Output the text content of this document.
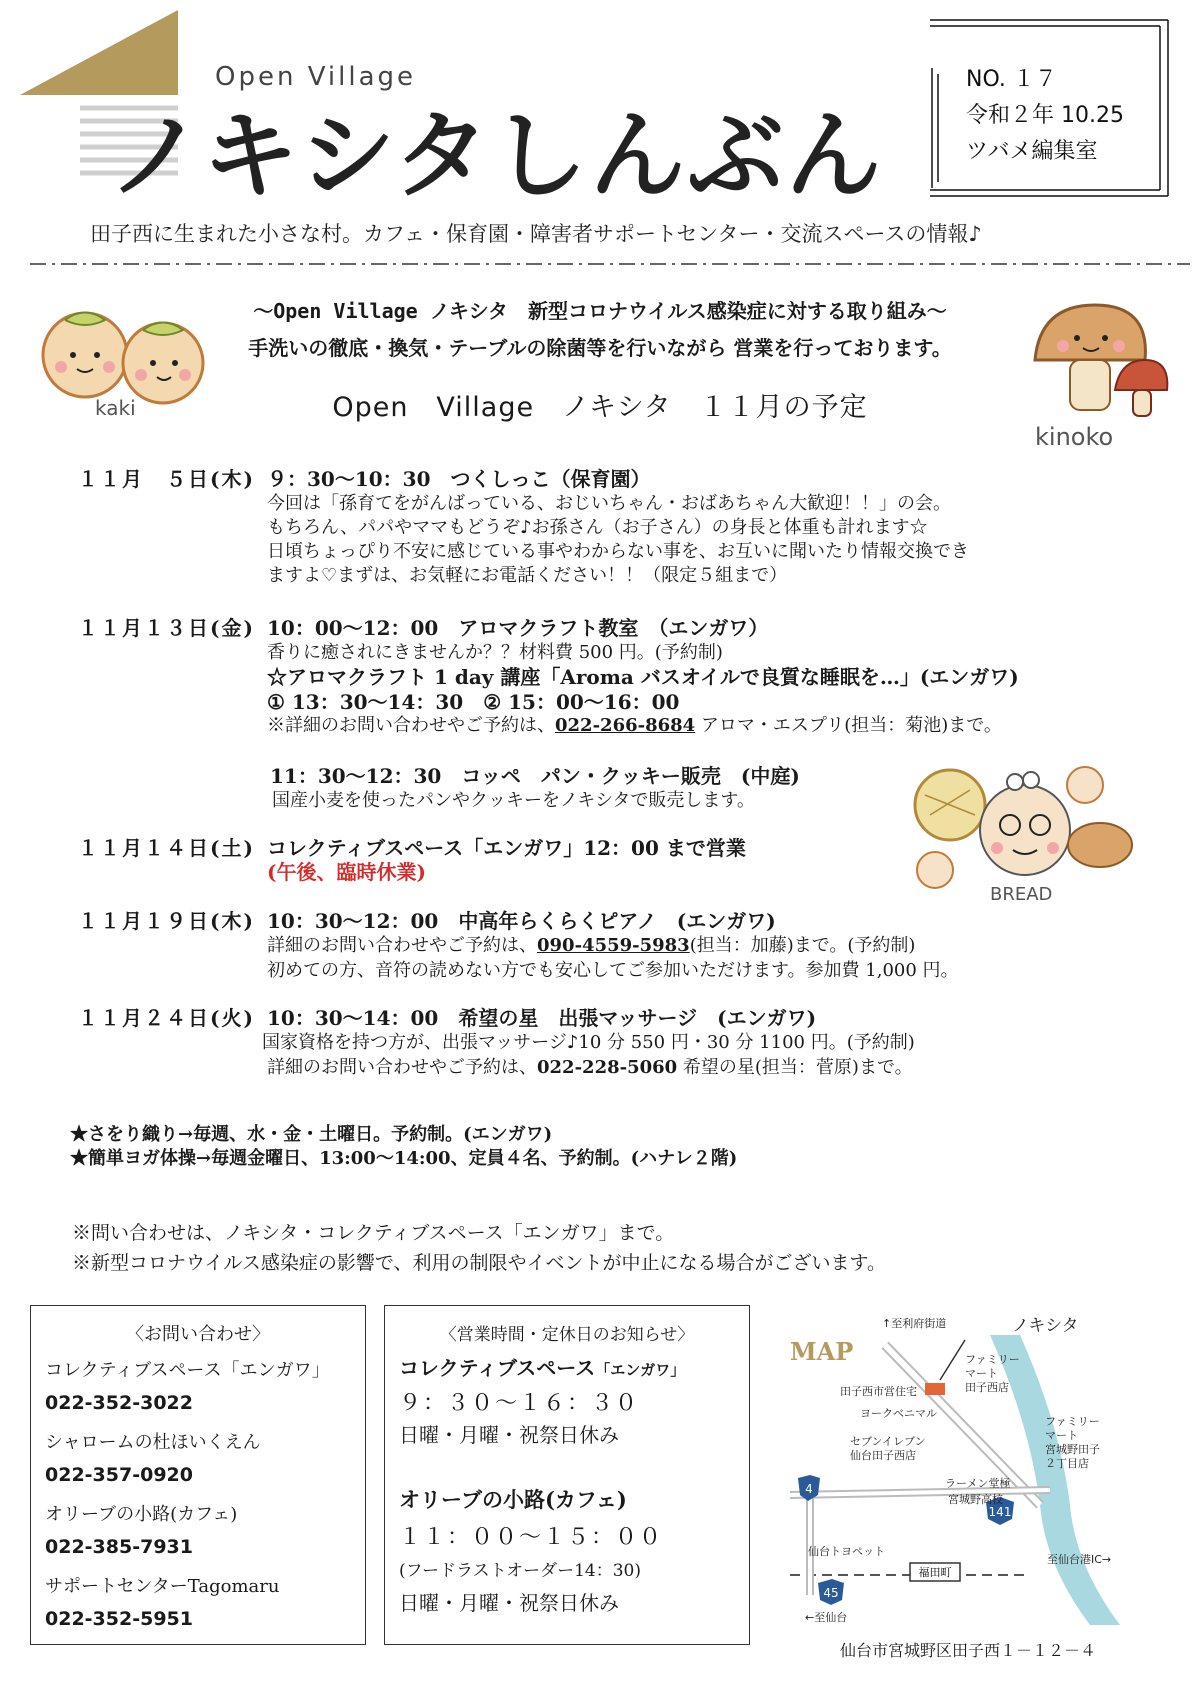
Open Village
ノキシタしんぶん
NO. １７
令和２年 10.25
ツバメ編集室
田子西に生まれた小さな村。カフェ・保育園・障害者サポートセンター・交流スペースの情報♪
〜Open Village ノキシタ　新型コロナウイルス感染症に対する取り組み〜
手洗いの徹底・換気・テーブルの除菌等を行いながら 営業を行っております。
kaki
kinoko
Open　Village　ノキシタ　１１月の予定
１１月　５日(木) ９：30〜10：30　つくしっこ（保育園）
今回は「孫育てをがんばっている、おじいちゃん・おばあちゃん大歓迎！！」の会。
もちろん、パパやママもどうぞ♪お孫さん（お子さん）の身長と体重も計れます☆
日頃ちょっぴり不安に感じている事やわからない事を、お互いに聞いたり情報交換でき
ますよ♡まずは、お気軽にお電話ください！！（限定５組まで）
１１月１３日(金) 10：00〜12：00　アロマクラフト教室　（エンガワ）
香りに癒されにきませんか？？材料費 500 円。(予約制)
☆アロマクラフト 1 day 講座「Aroma バスオイルで良質な睡眠を…」(エンガワ)
① 13：30〜14：30　② 15：00〜16：00
※詳細のお問い合わせやご予約は、022-266-8684 アロマ・エスプリ(担当：菊池)まで。
11：30〜12：30　コッペ　パン・クッキー販売　(中庭)
国産小麦を使ったパンやクッキーをノキシタで販売します。
BREAD
１１月１４日(土) コレクティブスペース「エンガワ」12：00 まで営業
(午後、臨時休業)
１１月１９日(木) 10：30〜12：00　中高年らくらくピアノ　(エンガワ)
詳細のお問い合わせやご予約は、090-4559-5983(担当：加藤)まで。(予約制)
初めての方、音符の読めない方でも安心してご参加いただけます。参加費 1,000 円。
１１月２４日(火) 10：30〜14：00　希望の星　出張マッサージ　(エンガワ)
国家資格を持つ方が、出張マッサージ♪10 分 550 円・30 分 1100 円。(予約制)
詳細のお問い合わせやご予約は、022-228-5060 希望の星(担当：菅原)まで。
★さをり織り→毎週、水・金・土曜日。予約制。(エンガワ)
★簡単ヨガ体操→毎週金曜日、13:00〜14:00、定員４名、予約制。(ハナレ２階)
※問い合わせは、ノキシタ・コレクティブスペース「エンガワ」まで。
※新型コロナウイルス感染症の影響で、利用の制限やイベントが中止になる場合がございます。
〈お問い合わせ〉
コレクティブスペース「エンガワ」
022-352-3022
シャロームの杜ほいくえん
022-357-0920
オリーブの小路(カフェ)
022-385-7931
サポートセンターTagomaru
022-352-5951
〈営業時間・定休日のお知らせ〉
コレクティブスペース「エンガワ」
９：３０〜１６：３０
日曜・月曜・祝祭日休み
オリーブの小路(カフェ)
１１：００〜１５：００
(フードラストオーダー14：30)
日曜・月曜・祝祭日休み
4
45
141
福田町
MAP
↑至利府街道	ノキシタ
ファミリー
マート
田子西店
田子西市営住宅
ヨークベニマル
ファミリー
マート
宮城野田子
２丁目店
セブンイレブン
仙台田子西店
ラーメン堂極
宮城野高校
仙台トヨペット
至仙台港IC→
←至仙台
仙台市宮城野区田子西１－１２－４
